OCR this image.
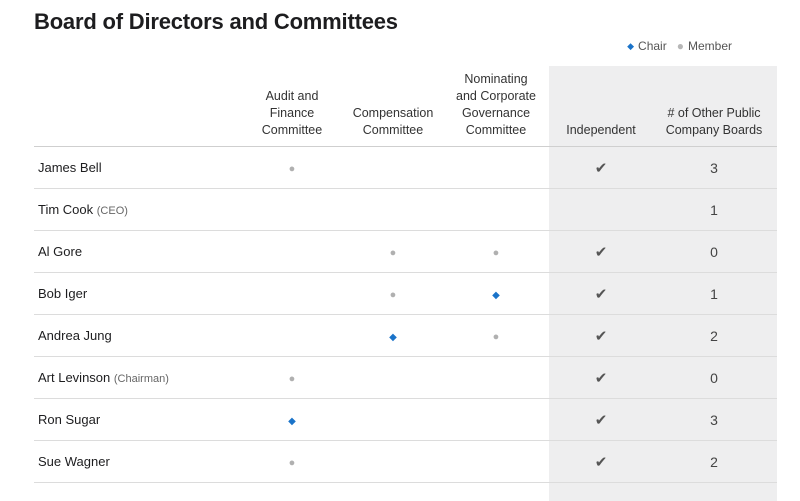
Board of Directors and Committees
◆ Chair ● Member
	Audit and
Finance
Committee	Compensation
Committee	Nominating
and Corporate
Governance
Committee	Independent	# of Other Public
Company Boards
James Bell	●			✔	3
Tim Cook (CEO)					1
Al Gore		●	●	✔	0
Bob Iger		●	◆	✔	1
Andrea Jung		◆	●	✔	2
Art Levinson (Chairman)	●			✔	0
Ron Sugar	◆			✔	3
Sue Wagner	●			✔	2
